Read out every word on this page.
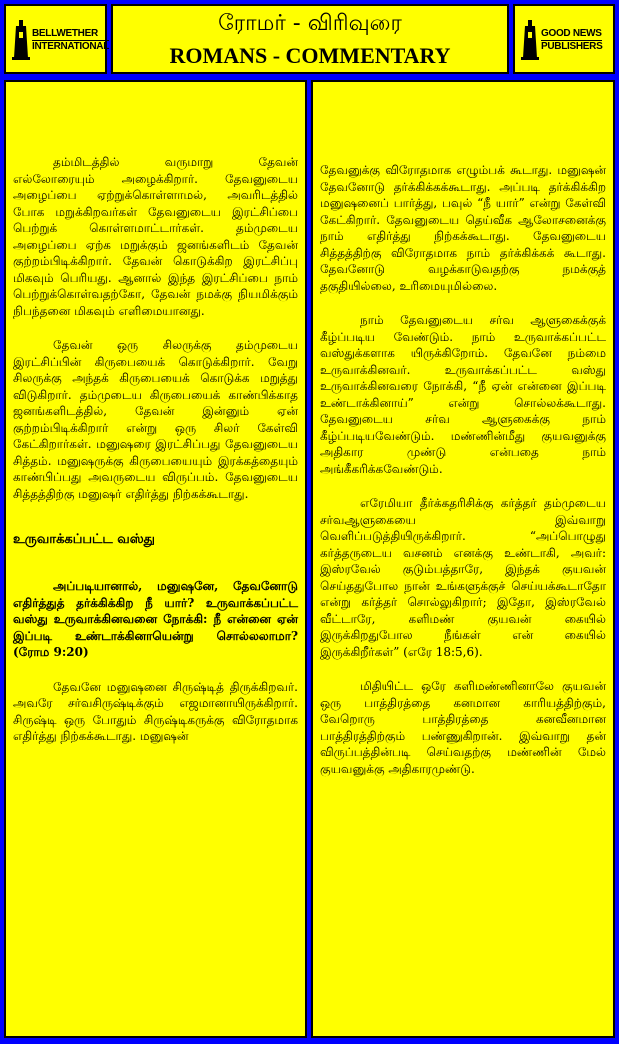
BELLWETHER
INTERNATIONAL
ரோமர் - விரிவுரை
ROMANS - COMMENTARY
GOOD NEWS
PUBLISHERS

தம்மிடத்தில் வருமாறு தேவன் எல்லோரையும் அழைக்கிறார். தேவனுடைய அழைப்பை ஏற்றுக்கொள்ளாமல், அவரிடத்தில் போக மறுக்கிறவர்கள் தேவனுடைய இரட்சிப்பை பெற்றுக் கொள்ளமாட்டார்கள். தம்முடைய அழைப்பை ஏற்க மறுக்கும் ஜனங்களிடம் தேவன் குற்றம்பிடிக்கிறார். தேவன் கொடுக்கிற இரட்சிப்பு மிகவும் பெரியது. ஆனால் இந்த இரட்சிப்பை நாம் பெற்றுக்கொள்வதற்கோ, தேவன் நமக்கு நியமிக்கும் நிபந்தனை மிகவும் எளிமையானது.

தேவன் ஒரு சிலருக்கு தம்முடைய இரட்சிப்பின் கிருபையைக் கொடுக்கிறார். வேறு சிலருக்கு அந்தக் கிருபையைக் கொடுக்க மறுத்து விடுகிறார். தம்முடைய கிருபையைக் காண்பிக்காத ஜனங்களிடத்தில், தேவன் இன்னும் ஏன் குற்றம்பிடிக்கிறார் என்று ஒரு சிலர் கேள்வி கேட்கிறார்கள். மனுஷரை இரட்சிப்பது தேவனுடைய சித்தம். மனுஷருக்கு கிருபையையும் இரக்கத்தையும் காண்பிப்பது அவருடைய விருப்பம். தேவனுடைய சித்தத்திற்கு மனுஷர் எதிர்த்து நிற்கக்கூடாது.

உருவாக்கப்பட்ட வஸ்து

அப்படியானால், மனுஷனே, தேவனோடு எதிர்த்துத் தர்க்கிக்கிற நீ யார்? உருவாக்கப்பட்ட வஸ்து உருவாக்கினவனை நோக்கி: நீ என்னை ஏன் இப்படி உண்டாக்கினாயென்று சொல்லலாமா? (ரோம 9:20)

தேவனே மனுஷனை சிருஷ்டித் திருக்கிறவர். அவரே சர்வசிருஷ்டிக்கும் எஜமானாயிருக்கிறார். சிருஷ்டி ஒரு போதும் சிருஷ்டிகருக்கு விரோதமாக எதிர்த்து நிற்கக்கூடாது. மனுஷன்

தேவனுக்கு விரோதமாக எழும்பக் கூடாது. மனுஷன் தேவனோடு தர்க்கிக்கக்கூடாது. அப்படி தர்க்கிக்கிற மனுஷனைப் பார்த்து, பவுல் “நீ யார்” என்று கேள்வி கேட்கிறார். தேவனுடைய தெய்வீக ஆலோசனைக்கு நாம் எதிர்த்து நிற்கக்கூடாது. தேவனுடைய சித்தத்திற்கு விரோதமாக நாம் தர்க்கிக்கக் கூடாது. தேவனோடு வழக்காடுவதற்கு நமக்குத் தகுதியில்லை, உரிமையுமில்லை.

நாம் தேவனுடைய சர்வ ஆளுகைக்குக் கீழ்ப்படிய வேண்டும். நாம் உருவாக்கப்பட்ட வஸ்துக்களாக யிருக்கிறோம். தேவனே நம்மை உருவாக்கினவர். உருவாக்கப்பட்ட வஸ்து உருவாக்கினவரை நோக்கி, “நீ ஏன் என்னை இப்படி உண்டாக்கினாய்” என்று சொல்லக்கூடாது. தேவனுடைய சர்வ ஆளுகைக்கு நாம் கீழ்ப்படியவேண்டும். மண்ணின்மீது குயவனுக்கு அதிகார முண்டு என்பதை நாம் அங்கீகரிக்கவேண்டும்.

எரேமியா தீர்க்கதரிசிக்கு கர்த்தர் தம்முடைய சர்வஆளுகையை இவ்வாறு வெளிப்படுத்தியிருக்கிறார். “அப்பொழுது கர்த்தருடைய வசனம் எனக்கு உண்டாகி, அவர்: இஸ்ரவேல் குடும்பத்தாரே, இந்தக் குயவன் செய்ததுபோல நான் உங்களுக்குச் செய்யக்கூடாதோ என்று கர்த்தர் சொல்லுகிறார்; இதோ, இஸ்ரவேல் வீட்டாரே, களிமண் குயவன் கையில் இருக்கிறதுபோல நீங்கள் என் கையில் இருக்கிறீர்கள்” (எரே 18:5,6).

மிதியிட்ட ஒரே களிமண்ணினாலே குயவன் ஒரு பாத்திரத்தை கனமான காரியத்திற்கும், வேறொரு பாத்திரத்தை கனவீனமான பாத்திரத்திற்கும் பண்ணுகிறான். இவ்வாறு தன் விருப்பத்தின்படி செய்வதற்கு மண்ணின் மேல் குயவனுக்கு அதிகாரமுண்டு.
